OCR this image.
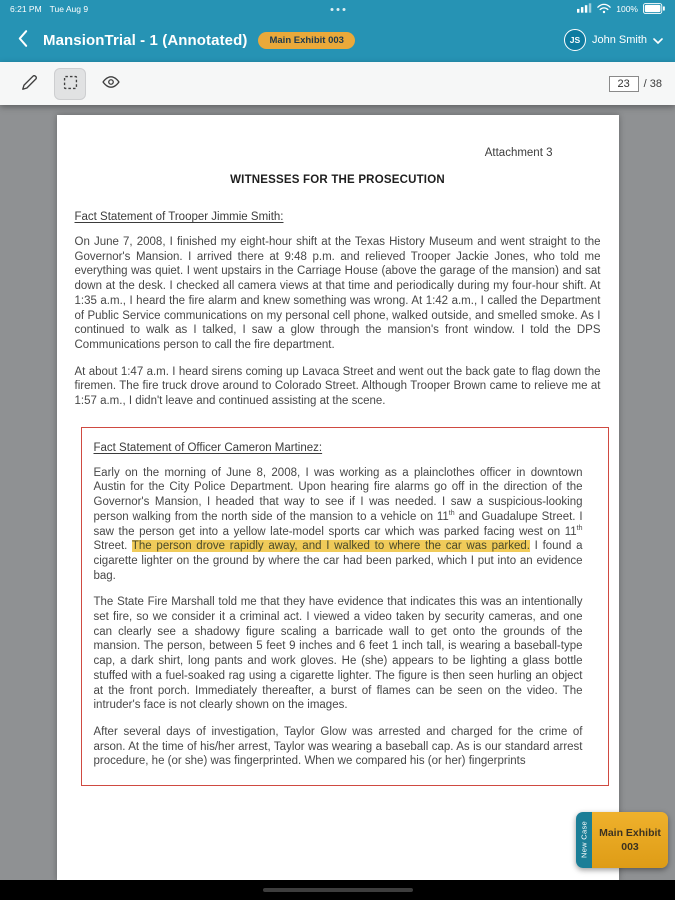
6:21 PM Tue Aug 9	100%
MansionTrial - 1 (Annotated)	Main Exhibit 003	JS	John Smith
23	/ 38
Attachment 3
WITNESSES FOR THE PROSECUTION
Fact Statement of Trooper Jimmie Smith:

On June 7, 2008, I finished my eight-hour shift at the Texas History Museum and went straight to the Governor's Mansion. I arrived there at 9:48 p.m. and relieved Trooper Jackie Jones, who told me everything was quiet. I went upstairs in the Carriage House (above the garage of the mansion) and sat down at the desk. I checked all camera views at that time and periodically during my four-hour shift. At 1:35 a.m., I heard the fire alarm and knew something was wrong. At 1:42 a.m., I called the Department of Public Service communications on my personal cell phone, walked outside, and smelled smoke. As I continued to walk as I talked, I saw a glow through the mansion's front window. I told the DPS Communications person to call the fire department.

At about 1:47 a.m. I heard sirens coming up Lavaca Street and went out the back gate to flag down the firemen. The fire truck drove around to Colorado Street. Although Trooper Brown came to relieve me at 1:57 a.m., I didn't leave and continued assisting at the scene.

Fact Statement of Officer Cameron Martinez:

Early on the morning of June 8, 2008, I was working as a plainclothes officer in downtown Austin for the City Police Department. Upon hearing fire alarms go off in the direction of the Governor's Mansion, I headed that way to see if I was needed. I saw a suspicious-looking person walking from the north side of the mansion to a vehicle on 11th and Guadalupe Street. I saw the person get into a yellow late-model sports car which was parked facing west on 11th Street. The person drove rapidly away, and I walked to where the car was parked. I found a cigarette lighter on the ground by where the car had been parked, which I put into an evidence bag.

The State Fire Marshall told me that they have evidence that indicates this was an intentionally set fire, so we consider it a criminal act. I viewed a video taken by security cameras, and one can clearly see a shadowy figure scaling a barricade wall to get onto the grounds of the mansion. The person, between 5 feet 9 inches and 6 feet 1 inch tall, is wearing a baseball-type cap, a dark shirt, long pants and work gloves. He (she) appears to be lighting a glass bottle stuffed with a fuel-soaked rag using a cigarette lighter. The figure is then seen hurling an object at the front porch. Immediately thereafter, a burst of flames can be seen on the video. The intruder's face is not clearly shown on the images.

After several days of investigation, Taylor Glow was arrested and charged for the crime of arson. At the time of his/her arrest, Taylor was wearing a baseball cap. As is our standard arrest procedure, he (or she) was fingerprinted. When we compared his (or her) fingerprints

New Case	Main Exhibit
003
